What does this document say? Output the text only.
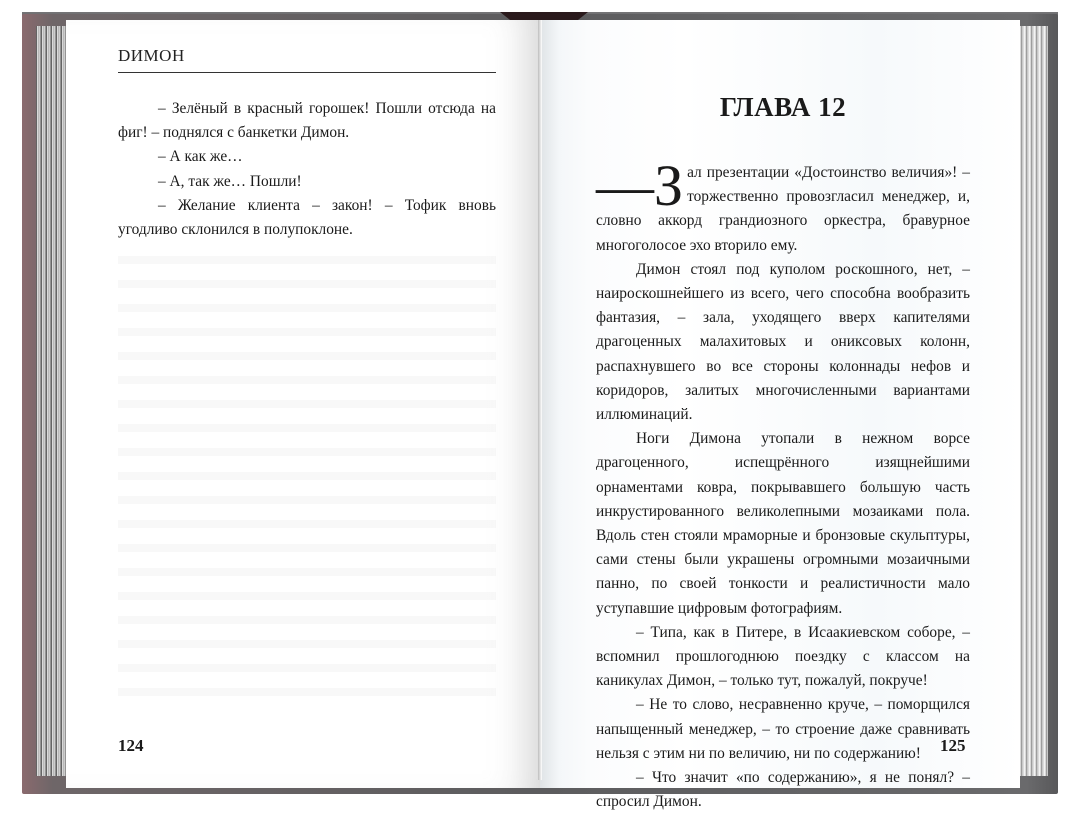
DИМОН

– Зелёный в красный горошек! Пошли отсюда на фиг! – поднялся с банкетки Димон.

– А как же…

– А, так же… Пошли!

– Желание клиента – закон! – Тофик вновь угодливо склонился в полупоклоне.

124
ГЛАВА 12

—З ал презентации «Достоинство величия»! – торжественно провозгласил менеджер, и, словно аккорд грандиозного оркестра, бравурное многоголосое эхо вторило ему.

Димон стоял под куполом роскошного, нет, – наироскошнейшего из всего, чего способна вообразить фантазия, – зала, уходящего вверх капителями драгоценных малахитовых и ониксовых колонн, распахнувшего во все стороны колоннады нефов и коридоров, залитых многочисленными вариантами иллюминаций.

Ноги Димона утопали в нежном ворсе драгоценного, испещрённого изящнейшими орнаментами ковра, покрывавшего большую часть инкрустированного великолепными мозаиками пола. Вдоль стен стояли мраморные и бронзовые скульптуры, сами стены были украшены огромными мозаичными панно, по своей тонкости и реалистичности мало уступавшие цифровым фотографиям.

– Типа, как в Питере, в Исаакиевском соборе, – вспомнил прошлогоднюю поездку с классом на каникулах Димон, – только тут, пожалуй, покруче!

– Не то слово, несравненно круче, – поморщился напыщенный менеджер, – то строение даже сравнивать нельзя с этим ни по величию, ни по содержанию!

– Что значит «по содержанию», я не понял? – спросил Димон.

125
